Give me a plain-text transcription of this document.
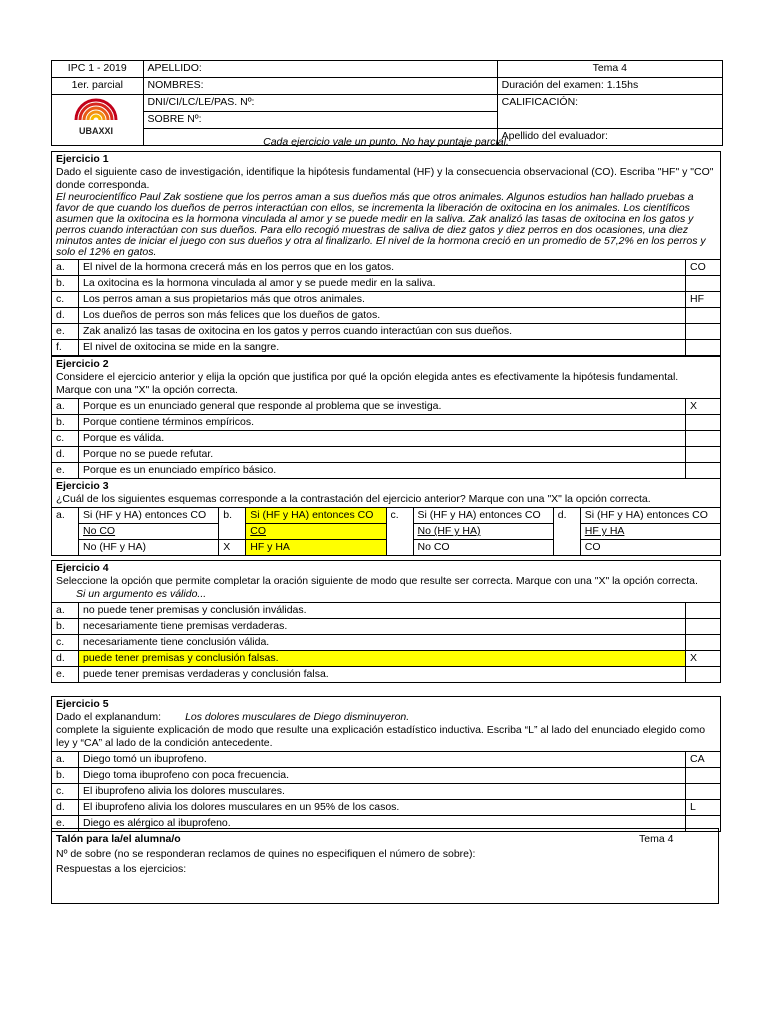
IPC 1 - 2019	APELLIDO:	Tema 4
1er. parcial	NOMBRES:	Duración del examen: 1.15hs
	DNI/CI/LC/LE/PAS. Nº:	CALIFICACIÓN:
	SOBRE Nº:	
		Apellido del evaluador:
UBAXXI
Cada ejercicio vale un punto. No hay puntaje parcial.
Ejercicio 1
Dado el siguiente caso de investigación, identifique la hipótesis fundamental (HF) y la consecuencia observacional (CO). Escriba "HF" y "CO" donde corresponda.
El neurocientífico Paul Zak sostiene que los perros aman a sus dueños más que otros animales. Algunos estudios han hallado pruebas a favor de que cuando los dueños de perros interactúan con ellos, se incrementa la liberación de oxitocina en los animales. Los científicos asumen que la oxitocina es la hormona vinculada al amor y se puede medir en la saliva. Zak analizó las tasas de oxitocina en los gatos y perros cuando interactúan con sus dueños. Para ello recogió muestras de saliva de diez gatos y diez perros en dos ocasiones, una diez minutos antes de iniciar el juego con sus dueños y otra al finalizarlo. El nivel de la hormona creció en un promedio de 57,2% en los perros y solo el 12% en gatos.		

a.	El nivel de la hormona crecerá más en los perros que en los gatos.	CO
b.	La oxitocina es la hormona vinculada al amor y se puede medir en la saliva.	
c.	Los perros aman a sus propietarios más que otros animales.	HF
d.	Los dueños de perros son más felices que los dueños de gatos.	
e.	Zak analizó las tasas de oxitocina en los gatos y perros cuando interactúan con sus dueños.	
f.	El nivel de oxitocina se mide en la sangre.	
Ejercicio 2
Considere el ejercicio anterior y elija la opción que justifica por qué la opción elegida antes es efectivamente la hipótesis fundamental. Marque con una "X" la opción correcta.		

a.	Porque es un enunciado general que responde al problema que se investiga.	X
b.	Porque contiene términos empíricos.	
c.	Porque es válida.	
d.	Porque no se puede refutar.	
e.	Porque es un enunciado empírico básico.	
Ejercicio 3
¿Cuál de los siguientes esquemas corresponde a la contrastación del ejercicio anterior? Marque con una "X" la opción correcta.							

a.	Si (HF y HA) entonces CO	b.	Si (HF y HA) entonces CO	c.	Si (HF y HA) entonces CO	d.	Si (HF y HA) entonces CO
	No CO		CO		No (HF y HA)		HF y HA
	No (HF y HA)	X	HF y HA		No CO		CO
Ejercicio 4
Seleccione la opción que permite completar la oración siguiente de modo que resulte ser correcta. Marque con una "X" la opción correcta.
Si un argumento es válido...		

a.	no puede tener premisas y conclusión inválidas.	
b.	necesariamente tiene premisas verdaderas.	
c.	necesariamente tiene conclusión válida.	
d.	puede tener premisas y conclusión falsas.	X
e.	puede tener premisas verdaderas y conclusión falsa.	
Ejercicio 5
Dado el explanandum: Los dolores musculares de Diego disminuyeron.
complete la siguiente explicación de modo que resulte una explicación estadístico inductiva. Escriba “L” al lado del enunciado elegido como ley y “CA” al lado de la condición antecedente.		

a.	Diego tomó un ibuprofeno.	CA
b.	Diego toma ibuprofeno con poca frecuencia.	
c.	El ibuprofeno alivia los dolores musculares.	
d.	El ibuprofeno alivia los dolores musculares en un 95% de los casos.	L
e.	Diego es alérgico al ibuprofeno.	
Talón para la/el alumna/o	Tema 4
Nº de sobre (no se responderan reclamos de quines no especifiquen el número de sobre):
Respuestas a los ejercicios:
